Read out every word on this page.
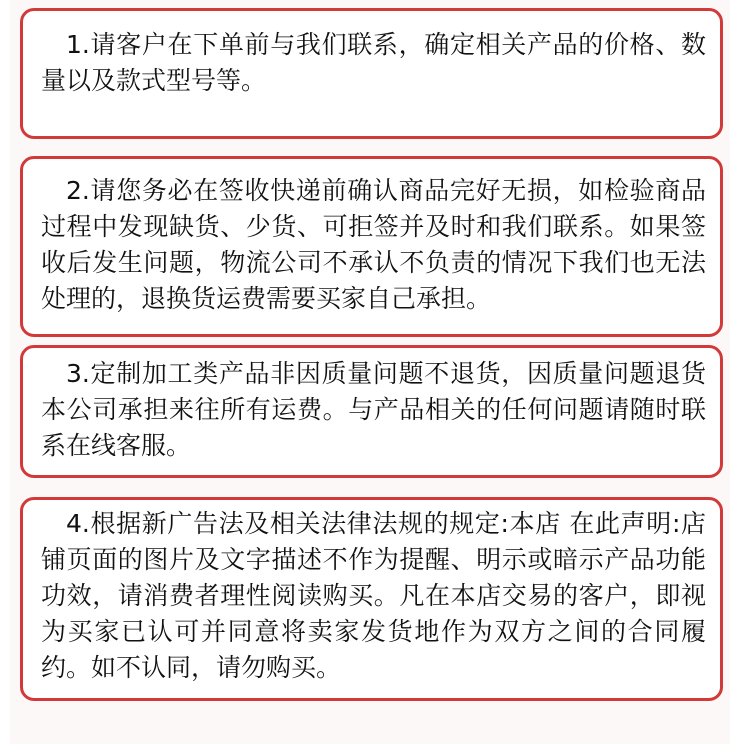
1.请客户在下单前与我们联系，确定相关产品的价格、数量以及款式型号等。

2.请您务必在签收快递前确认商品完好无损，如检验商品过程中发现缺货、少货、可拒签并及时和我们联系。如果签收后发生问题，物流公司不承认不负责的情况下我们也无法处理的，退换货运费需要买家自己承担。

3.定制加工类产品非因质量问题不退货，因质量问题退货本公司承担来往所有运费。与产品相关的任何问题请随时联系在线客服。

4.根据新广告法及相关法律法规的规定:本店 在此声明:店铺页面的图片及文字描述不作为提醒、明示或暗示产品功能功效，请消费者理性阅读购买。凡在本店交易的客户，即视为买家已认可并同意将卖家发货地作为双方之间的合同履约。如不认同，请勿购买。
